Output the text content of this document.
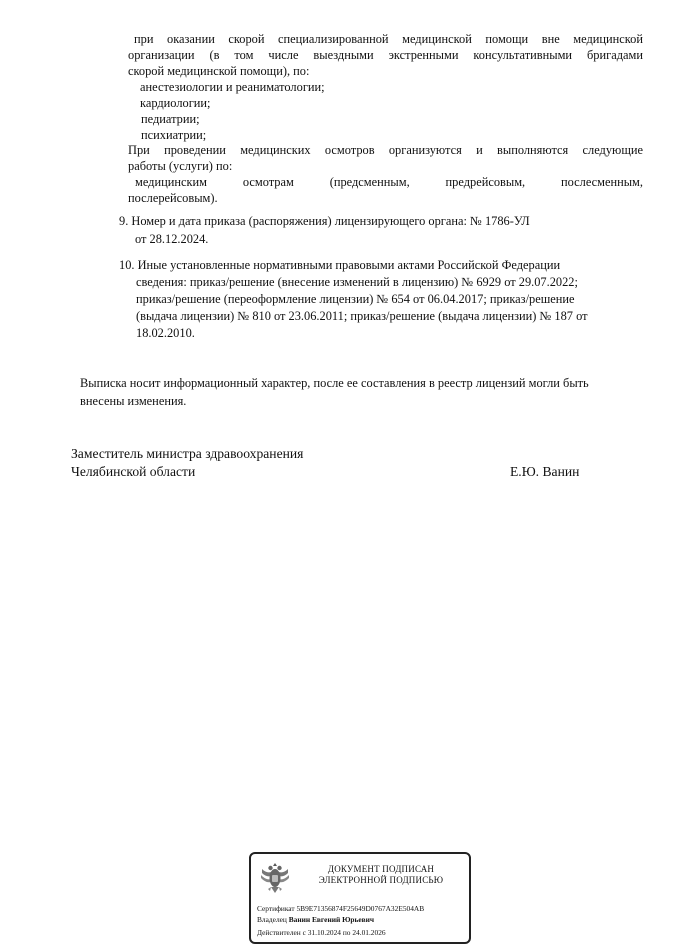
при оказании скорой специализированной медицинской помощи вне медицинской
организации (в том числе выездными экстренными консультативными бригадами
скорой медицинской помощи), по:
анестезиологии и реаниматологии;
кардиологии;
педиатрии;
психиатрии;
При проведении медицинских осмотров организуются и выполняются следующие
работы (услуги) по:
медицинским осмотрам (предсменным, предрейсовым, послесменным,
послерейсовым).
9. Номер и дата приказа (распоряжения) лицензирующего органа: № 1786-УЛ
от 28.12.2024.
10. Иные установленные нормативными правовыми актами Российской Федерации
сведения: приказ/решение (внесение изменений в лицензию) № 6929 от 29.07.2022;
приказ/решение (переоформление лицензии) № 654 от 06.04.2017; приказ/решение
(выдача лицензии) № 810 от 23.06.2011; приказ/решение (выдача лицензии) № 187 от
18.02.2010.
Выписка носит информационный характер, после ее составления в реестр лицензий могли быть
внесены изменения.
Заместитель министра здравоохранения
Челябинской области	Е.Ю. Ванин
ДОКУМЕНТ ПОДПИСАН
ЭЛЕКТРОННОЙ ПОДПИСЬЮ
Сертификат 5B9E71356874F25649D0767A32E504AB
Владелец Ванин Евгений Юрьевич
Действителен с 31.10.2024 по 24.01.2026
